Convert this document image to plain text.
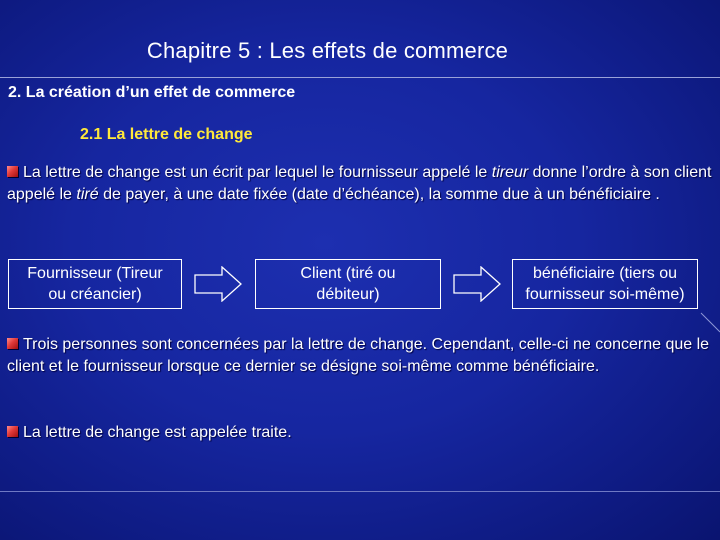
Chapitre 5 : Les effets de commerce
2. La création d’un effet de commerce
2.1 La lettre de change
La lettre de change est un écrit par lequel le fournisseur appelé le tireur donne l’ordre à son client appelé le tiré de payer, à une date fixée (date d’échéance), la somme due à un bénéficiaire .
Fournisseur (Tireur
ou créancier)
Client (tiré ou
débiteur)
bénéficiaire (tiers ou
fournisseur soi-même)
Trois personnes sont concernées par la lettre de change. Cependant, celle-ci ne concerne que le client et le fournisseur lorsque ce dernier se désigne soi-même comme bénéficiaire.
La lettre de change est appelée traite.
